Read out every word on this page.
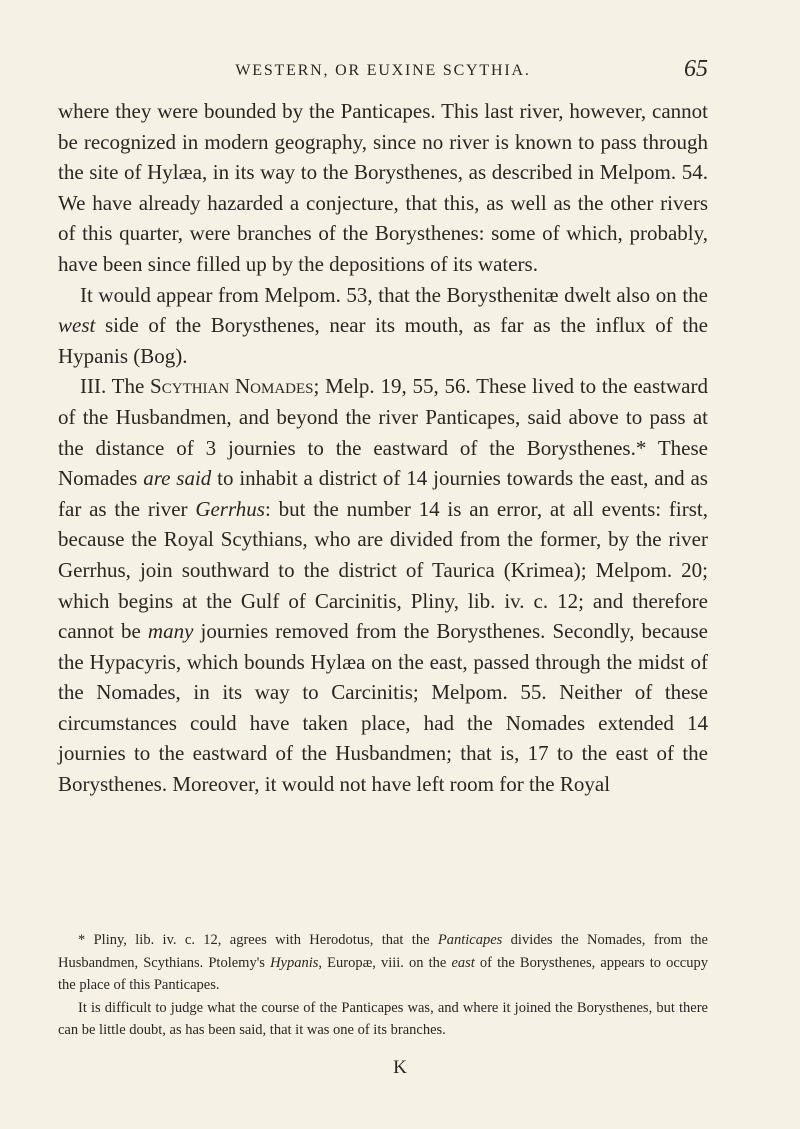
WESTERN, OR EUXINE SCYTHIA.	65

where they were bounded by the Panticapes. This last river, however, cannot be recognized in modern geography, since no river is known to pass through the site of Hylæa, in its way to the Borysthenes, as described in Melpom. 54. We have already hazarded a conjecture, that this, as well as the other rivers of this quarter, were branches of the Borysthenes: some of which, probably, have been since filled up by the depositions of its waters.

It would appear from Melpom. 53, that the Borysthenitæ dwelt also on the west side of the Borysthenes, near its mouth, as far as the influx of the Hypanis (Bog).

III. The Scythian Nomades; Melp. 19, 55, 56. These lived to the eastward of the Husbandmen, and beyond the river Panticapes, said above to pass at the distance of 3 journies to the eastward of the Borysthenes.* These Nomades are said to inhabit a district of 14 journies towards the east, and as far as the river Gerrhus: but the number 14 is an error, at all events: first, because the Royal Scythians, who are divided from the former, by the river Gerrhus, join southward to the district of Taurica (Krimea); Melpom. 20; which begins at the Gulf of Carcinitis, Pliny, lib. iv. c. 12; and therefore cannot be many journies removed from the Borysthenes. Secondly, because the Hypacyris, which bounds Hylæa on the east, passed through the midst of the Nomades, in its way to Carcinitis; Melpom. 55. Neither of these circumstances could have taken place, had the Nomades extended 14 journies to the eastward of the Husbandmen; that is, 17 to the east of the Borysthenes. Moreover, it would not have left room for the Royal

* Pliny, lib. iv. c. 12, agrees with Herodotus, that the Panticapes divides the Nomades, from the Husbandmen, Scythians. Ptolemy's Hypanis, Europæ, viii. on the east of the Borysthenes, appears to occupy the place of this Panticapes.

It is difficult to judge what the course of the Panticapes was, and where it joined the Borysthenes, but there can be little doubt, as has been said, that it was one of its branches.

K
